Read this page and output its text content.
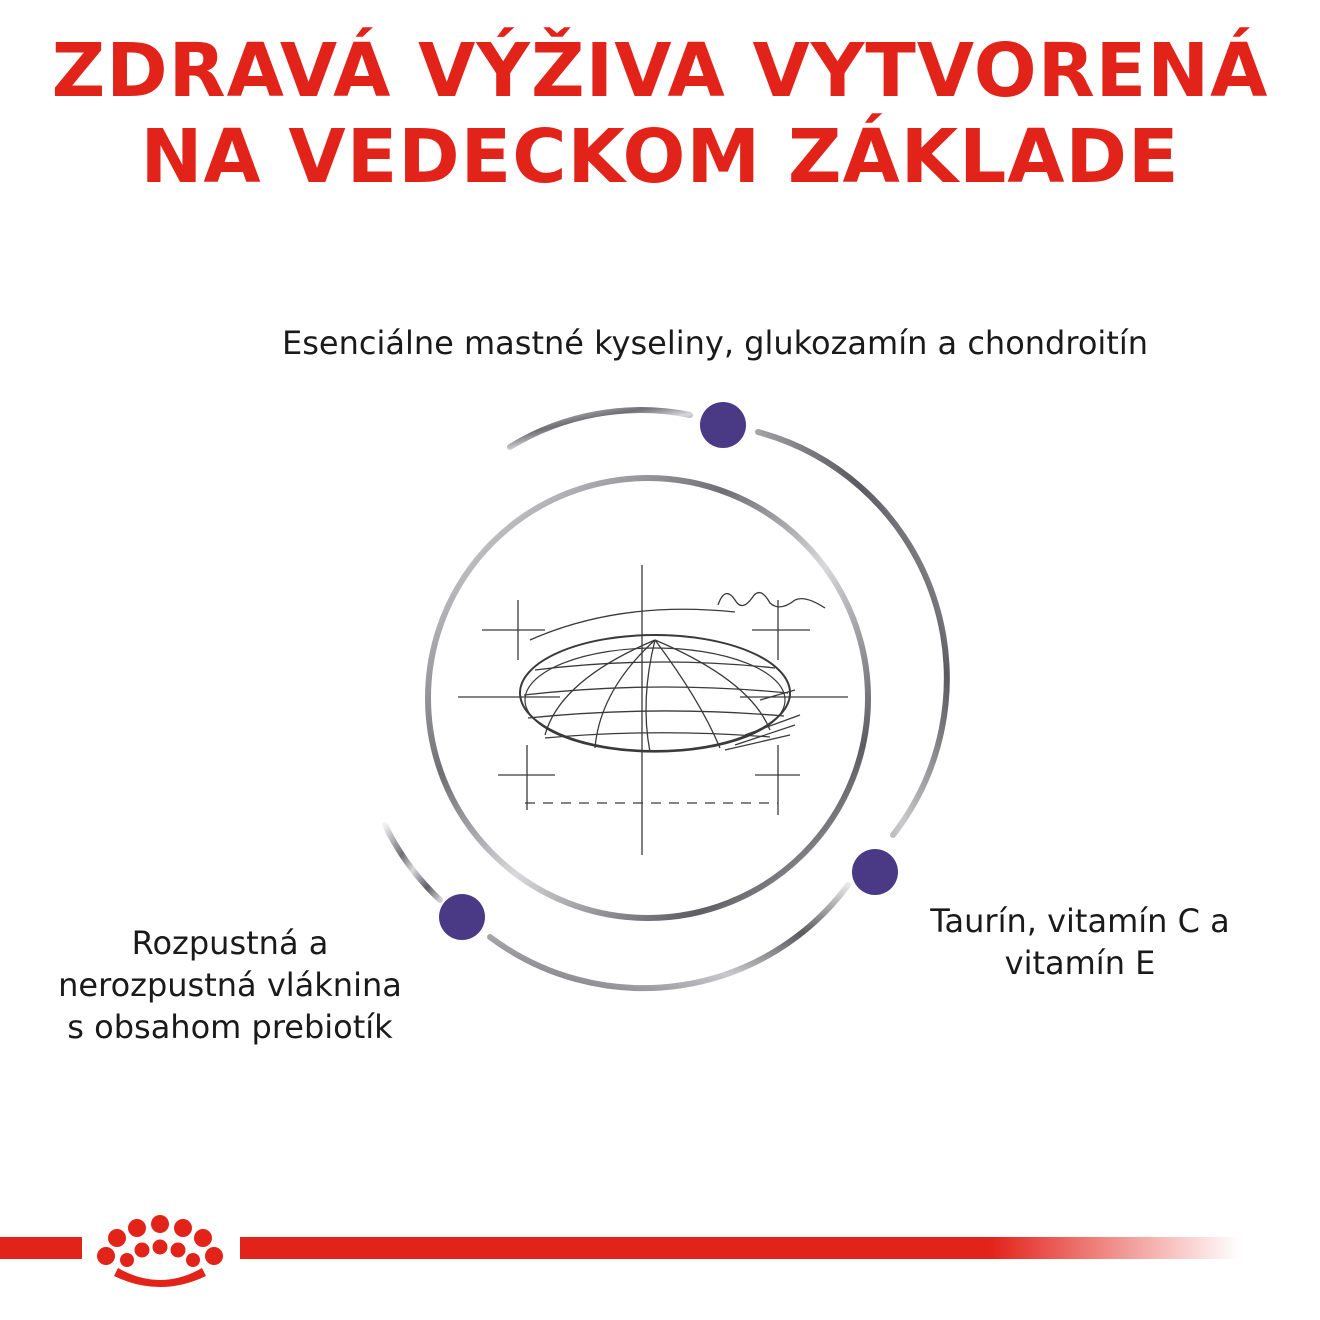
ZDRAVÁ VÝŽIVA VYTVORENÁ
NA VEDECKOM ZÁKLADE

Esenciálne mastné kyseliny, glukozamín a chondroitín

Taurín, vitamín C a
vitamín E

Rozpustná a
nerozpustná vláknina
s obsahom prebiotík
